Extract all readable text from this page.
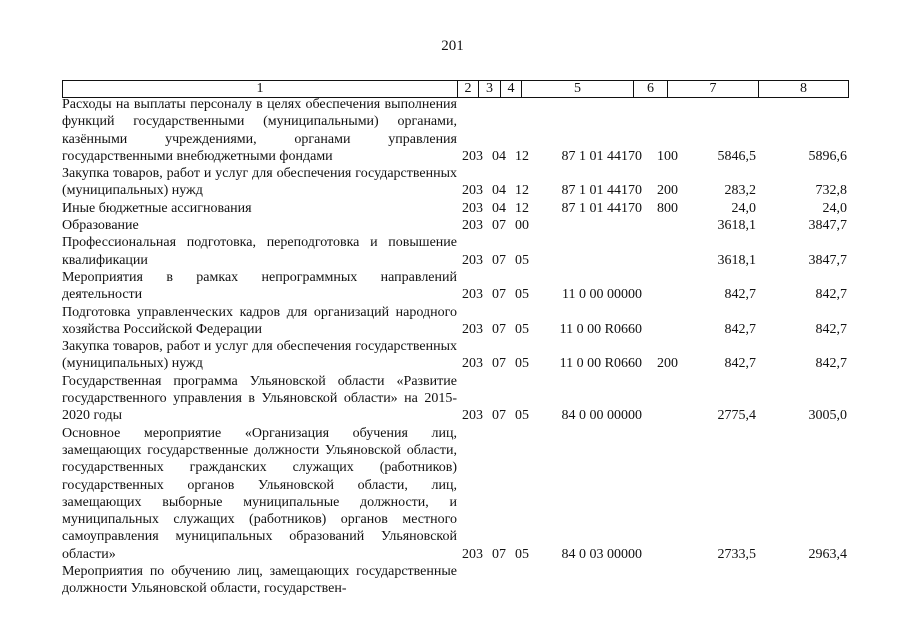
201
1	2	3	4	5	6	7	8
Расходы на выплаты персоналу в целях обеспечения выполнения функций государственными (муниципальными) органами, казёнными учреждениями, органами управления государственными внебюджетными фондами	203 04 12	87 1 01 44170	100	5846,5	5896,6
Закупка товаров, работ и услуг для обеспечения государственных (муниципальных) нужд	203 04 12	87 1 01 44170	200	283,2	732,8
Иные бюджетные ассигнования	203 04 12	87 1 01 44170	800	24,0	24,0
Образование	203 07 00	3618,1	3847,7
Профессиональная подготовка, переподготовка и повышение квалификации	203 07 05	3618,1	3847,7
Мероприятия в рамках непрограммных направлений деятельности	203 07 05	11 0 00 00000	842,7	842,7
Подготовка управленческих кадров для организаций народного хозяйства Российской Федерации	203 07 05	11 0 00 R0660	842,7	842,7
Закупка товаров, работ и услуг для обеспечения государственных (муниципальных) нужд	203 07 05	11 0 00 R0660	200	842,7	842,7
Государственная программа Ульяновской области «Развитие государственного управления в Ульяновской области» на 2015-2020 годы	203 07 05	84 0 00 00000	2775,4	3005,0
Основное мероприятие «Организация обучения лиц, замещающих государственные должности Ульяновской области, государственных гражданских служащих (работников) государственных органов Ульяновской области, лиц, замещающих выборные муниципальные должности, и муниципальных служащих (работников) органов местного самоуправления муниципальных образований Ульяновской области»	203 07 05	84 0 03 00000	2733,5	2963,4
Мероприятия по обучению лиц, замещающих государственные должности Ульяновской области, государствен-
